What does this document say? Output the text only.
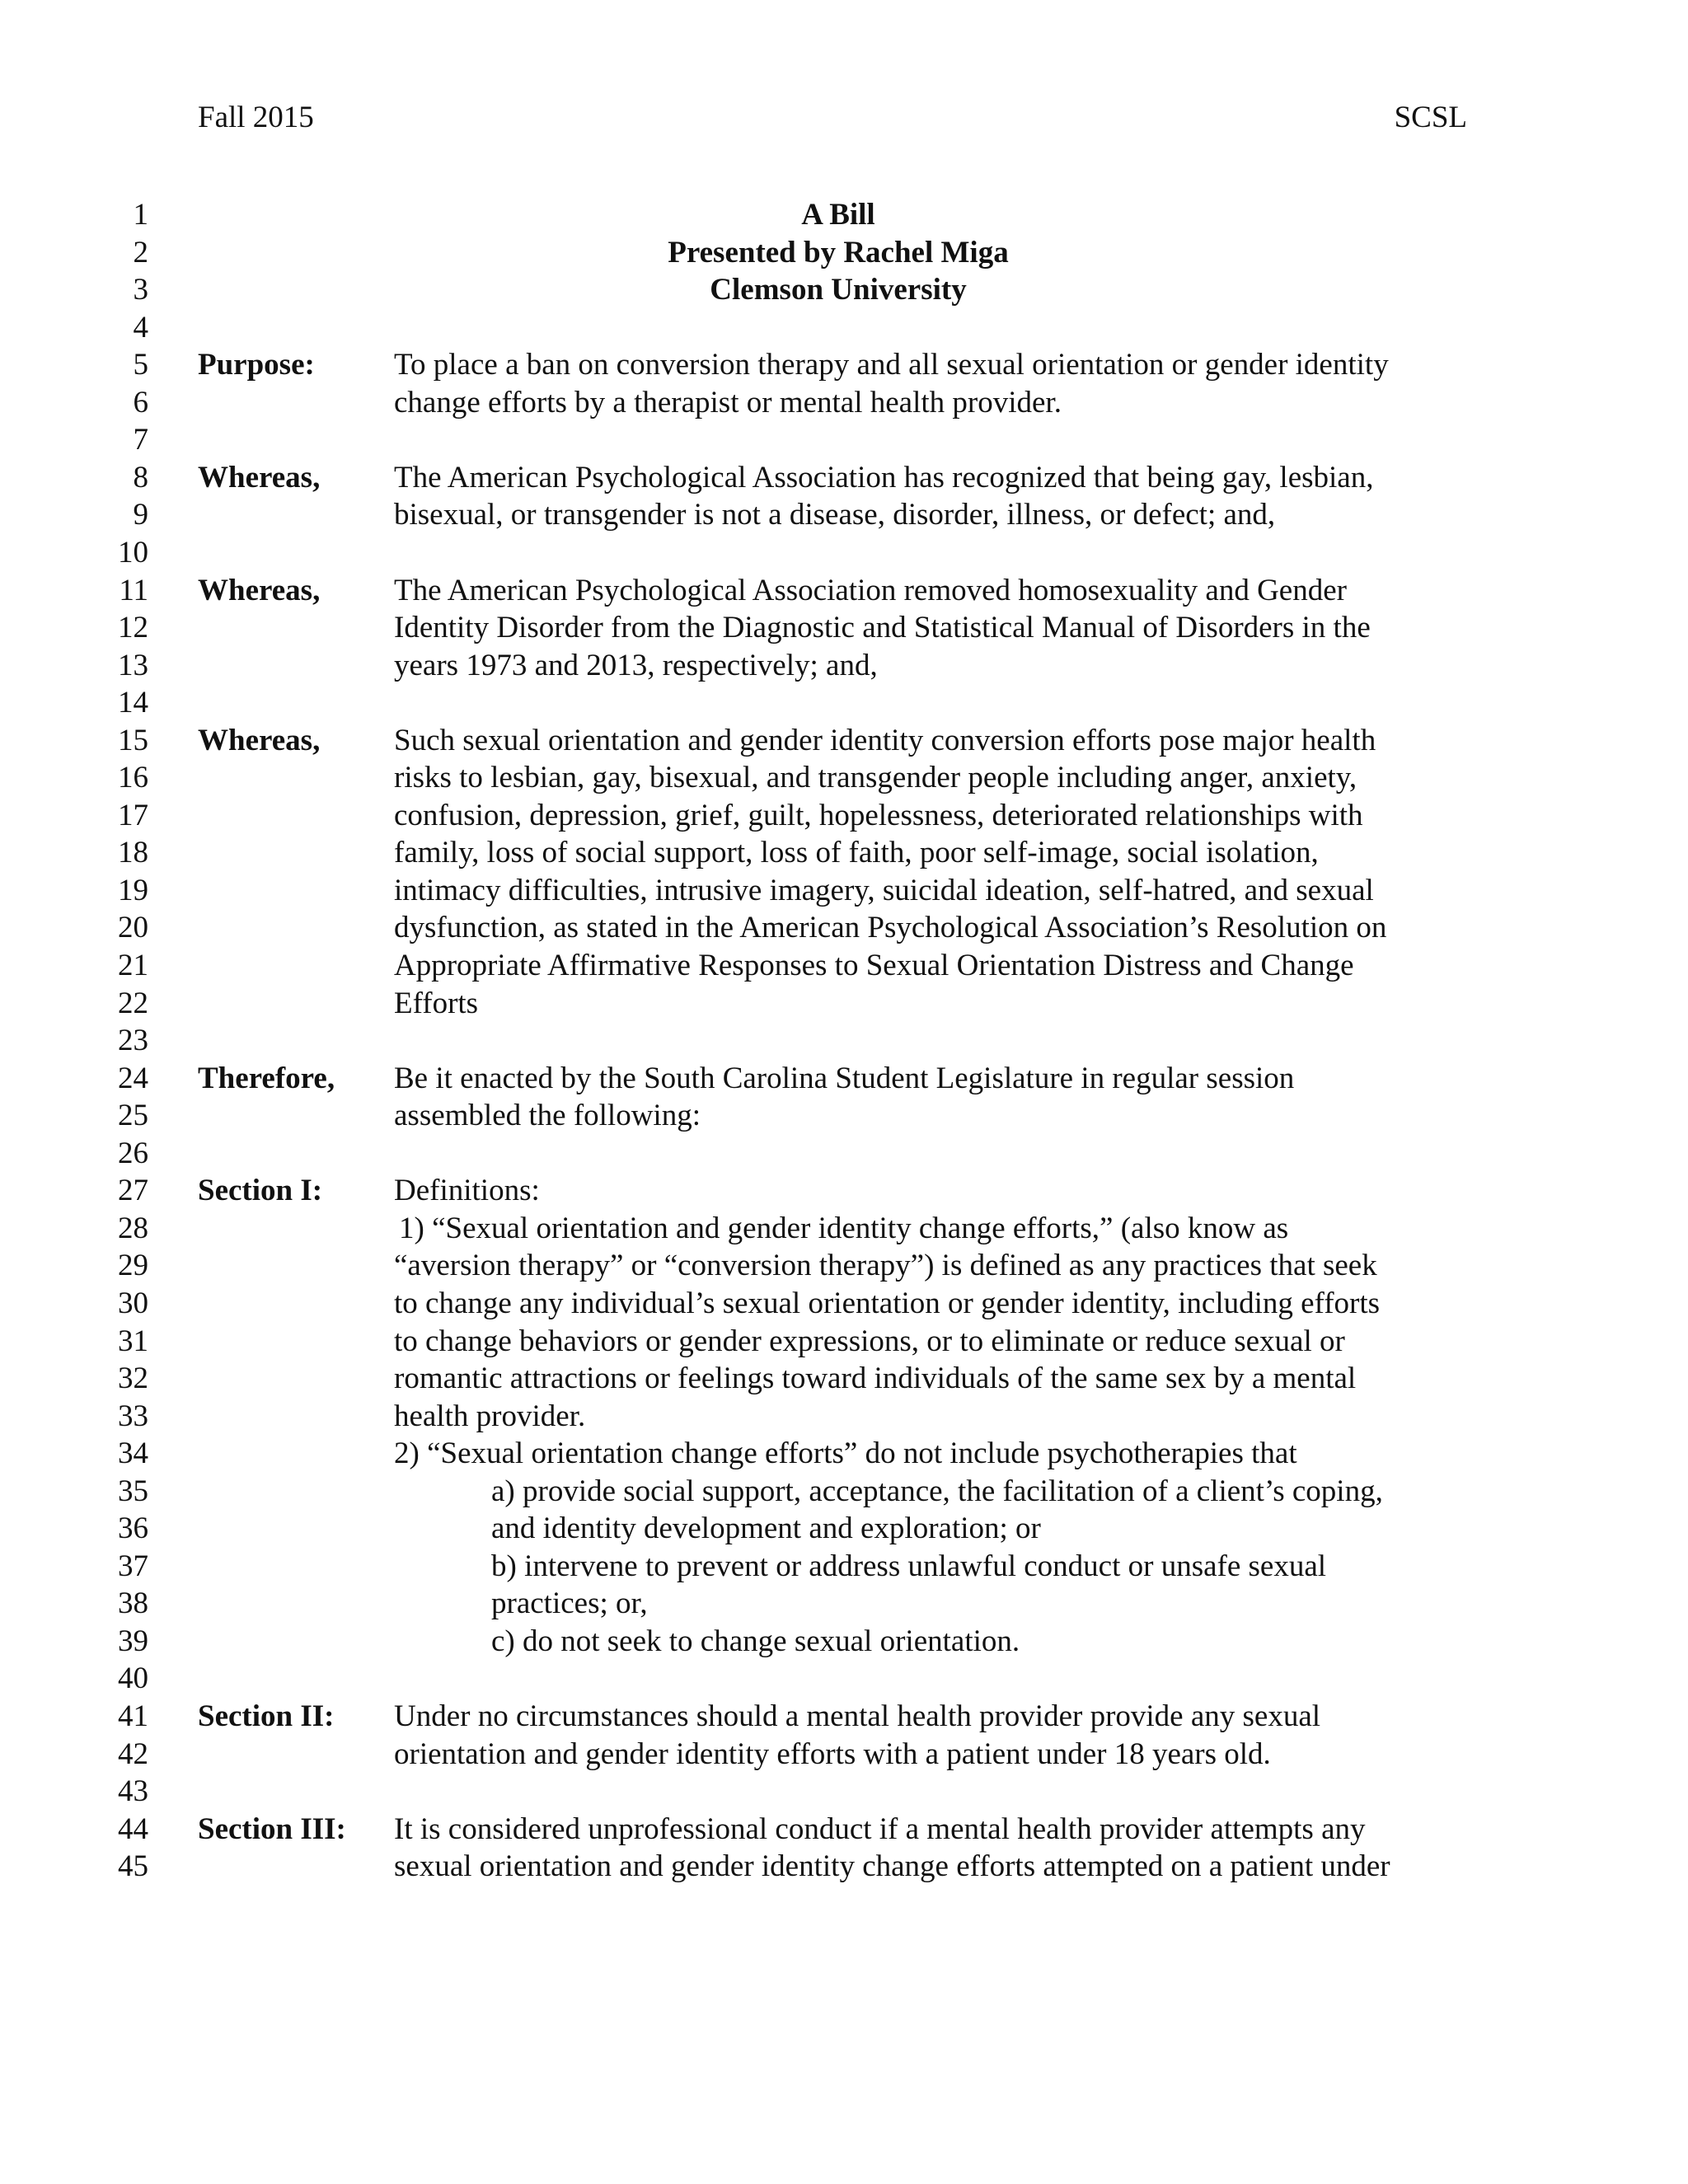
Fall 2015	SCSL
1	A Bill
2	Presented by Rachel Miga
3	Clemson University
4
5 Purpose:	To place a ban on conversion therapy and all sexual orientation or gender identity
6	change efforts by a therapist or mental health provider.
7
8 Whereas, The American Psychological Association has recognized that being gay, lesbian,
9	bisexual, or transgender is not a disease, disorder, illness, or defect; and,
10
11 Whereas, The American Psychological Association removed homosexuality and Gender
12	Identity Disorder from the Diagnostic and Statistical Manual of Disorders in the
13	years 1973 and 2013, respectively; and,
14
15 Whereas, Such sexual orientation and gender identity conversion efforts pose major health
16	risks to lesbian, gay, bisexual, and transgender people including anger, anxiety,
17	confusion, depression, grief, guilt, hopelessness, deteriorated relationships with
18	family, loss of social support, loss of faith, poor self-image, social isolation,
19	intimacy difficulties, intrusive imagery, suicidal ideation, self-hatred, and sexual
20	dysfunction, as stated in the American Psychological Association’s Resolution on
21	Appropriate Affirmative Responses to Sexual Orientation Distress and Change
22	Efforts
23
24 Therefore, Be it enacted by the South Carolina Student Legislature in regular session
25	assembled the following:
26
27 Section I: Definitions:
28	1) “Sexual orientation and gender identity change efforts,” (also know as
29	“aversion therapy” or “conversion therapy”) is defined as any practices that seek
30	to change any individual’s sexual orientation or gender identity, including efforts
31	to change behaviors or gender expressions, or to eliminate or reduce sexual or
32	romantic attractions or feelings toward individuals of the same sex by a mental
33	health provider.
34	2) “Sexual orientation change efforts” do not include psychotherapies that
35	a) provide social support, acceptance, the facilitation of a client’s coping,
36	and identity development and exploration; or
37	b) intervene to prevent or address unlawful conduct or unsafe sexual
38	practices; or,
39	c) do not seek to change sexual orientation.
40
41 Section II: Under no circumstances should a mental health provider provide any sexual
42	orientation and gender identity efforts with a patient under 18 years old.
43
44 Section III: It is considered unprofessional conduct if a mental health provider attempts any
45	sexual orientation and gender identity change efforts attempted on a patient under
